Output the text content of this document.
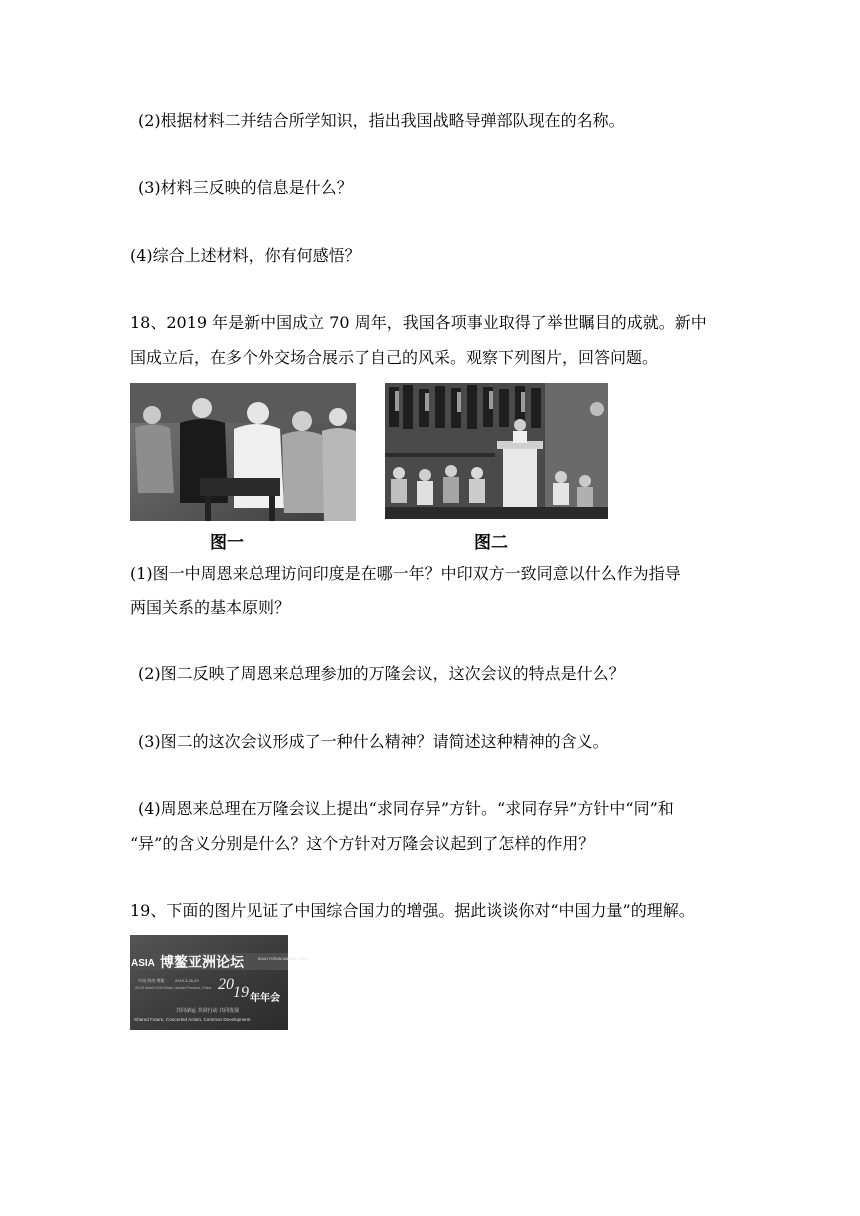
(2)根据材料二并结合所学知识，指出我国战略导弹部队现在的名称。
(3)材料三反映的信息是什么？
(4)综合上述材料，你有何感悟？
18、2019 年是新中国成立 70 周年，我国各项事业取得了举世瞩目的成就。新中
国成立后，在多个外交场合展示了自己的风采。观察下列图片，回答问题。
图一	图二
(1)图一中周恩来总理访问印度是在哪一年？中印双方一致同意以什么作为指导
两国关系的基本原则？
(2)图二反映了周恩来总理参加的万隆会议，这次会议的特点是什么？
(3)图二的这次会议形成了一种什么精神？请简述这种精神的含义。
(4)周恩来总理在万隆会议上提出“求同存异”方针。“求同存异”方针中“同”和
“异”的含义分别是什么？这个方针对万隆会议起到了怎样的作用？
19、下面的图片见证了中国综合国力的增强。据此谈谈你对“中国力量”的理解。
ASIA 博鳌亚洲论坛	BOAO FORUM ANNUAL CONF
中国·海南·博鳌	2019.3.26-29
26-29 March 2019 Boao, Hainan Province, China 20 19 年年会
共同命运 共同行动 共同发展
Shared Future, Concerted Action, Common Development
